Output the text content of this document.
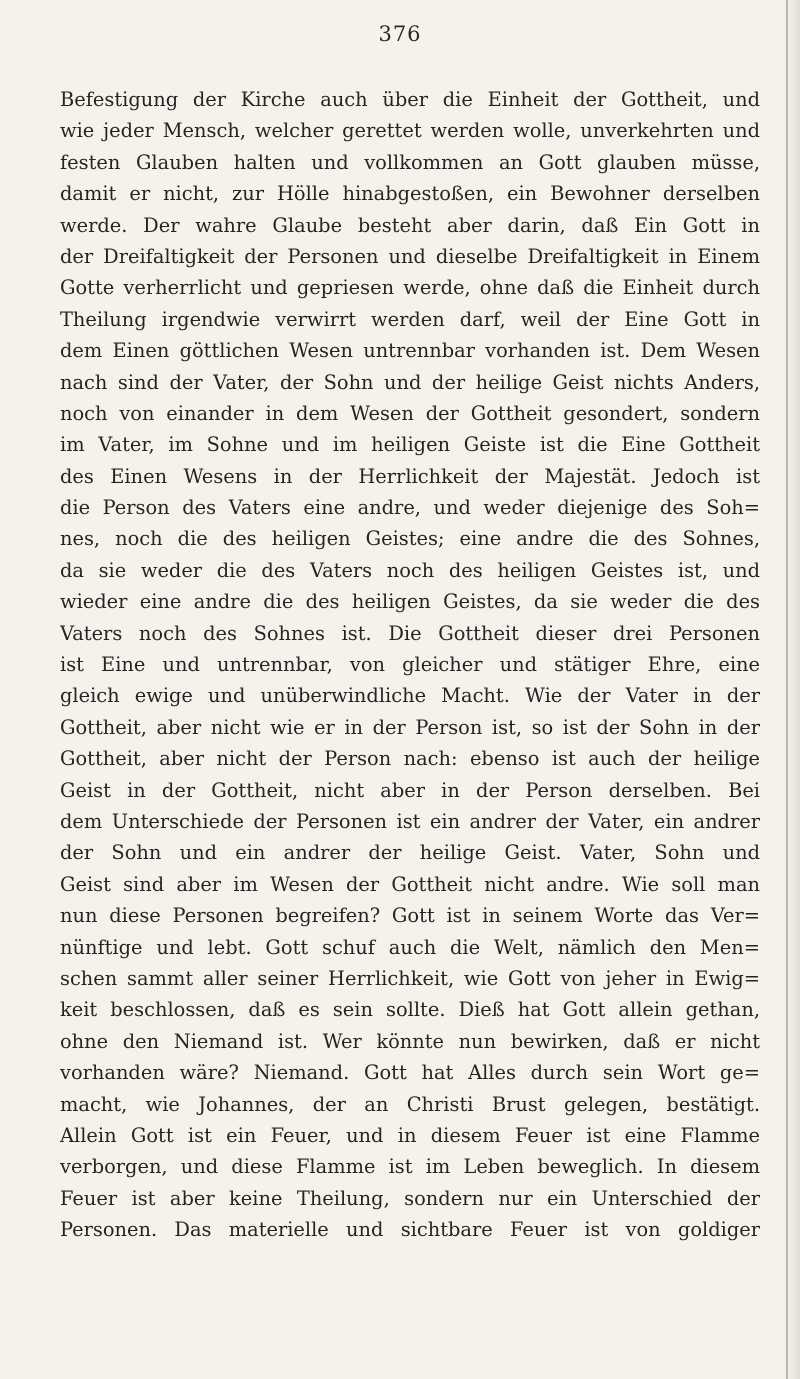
376
Befestigung der Kirche auch über die Einheit der Gottheit, und
wie jeder Mensch, welcher gerettet werden wolle, unverkehrten und
festen Glauben halten und vollkommen an Gott glauben müsse,
damit er nicht, zur Hölle hinabgestoßen, ein Bewohner derselben
werde. Der wahre Glaube besteht aber darin, daß Ein Gott in
der Dreifaltigkeit der Personen und dieselbe Dreifaltigkeit in Einem
Gotte verherrlicht und gepriesen werde, ohne daß die Einheit durch
Theilung irgendwie verwirrt werden darf, weil der Eine Gott in
dem Einen göttlichen Wesen untrennbar vorhanden ist. Dem Wesen
nach sind der Vater, der Sohn und der heilige Geist nichts Anders,
noch von einander in dem Wesen der Gottheit gesondert, sondern
im Vater, im Sohne und im heiligen Geiste ist die Eine Gottheit
des Einen Wesens in der Herrlichkeit der Majestät. Jedoch ist
die Person des Vaters eine andre, und weder diejenige des Soh=
nes, noch die des heiligen Geistes; eine andre die des Sohnes,
da sie weder die des Vaters noch des heiligen Geistes ist, und
wieder eine andre die des heiligen Geistes, da sie weder die des
Vaters noch des Sohnes ist. Die Gottheit dieser drei Personen
ist Eine und untrennbar, von gleicher und stätiger Ehre, eine
gleich ewige und unüberwindliche Macht. Wie der Vater in der
Gottheit, aber nicht wie er in der Person ist, so ist der Sohn in der
Gottheit, aber nicht der Person nach: ebenso ist auch der heilige
Geist in der Gottheit, nicht aber in der Person derselben. Bei
dem Unterschiede der Personen ist ein andrer der Vater, ein andrer
der Sohn und ein andrer der heilige Geist. Vater, Sohn und
Geist sind aber im Wesen der Gottheit nicht andre. Wie soll man
nun diese Personen begreifen? Gott ist in seinem Worte das Ver=
nünftige und lebt. Gott schuf auch die Welt, nämlich den Men=
schen sammt aller seiner Herrlichkeit, wie Gott von jeher in Ewig=
keit beschlossen, daß es sein sollte. Dieß hat Gott allein gethan,
ohne den Niemand ist. Wer könnte nun bewirken, daß er nicht
vorhanden wäre? Niemand. Gott hat Alles durch sein Wort ge=
macht, wie Johannes, der an Christi Brust gelegen, bestätigt.
Allein Gott ist ein Feuer, und in diesem Feuer ist eine Flamme
verborgen, und diese Flamme ist im Leben beweglich. In diesem
Feuer ist aber keine Theilung, sondern nur ein Unterschied der
Personen. Das materielle und sichtbare Feuer ist von goldiger
